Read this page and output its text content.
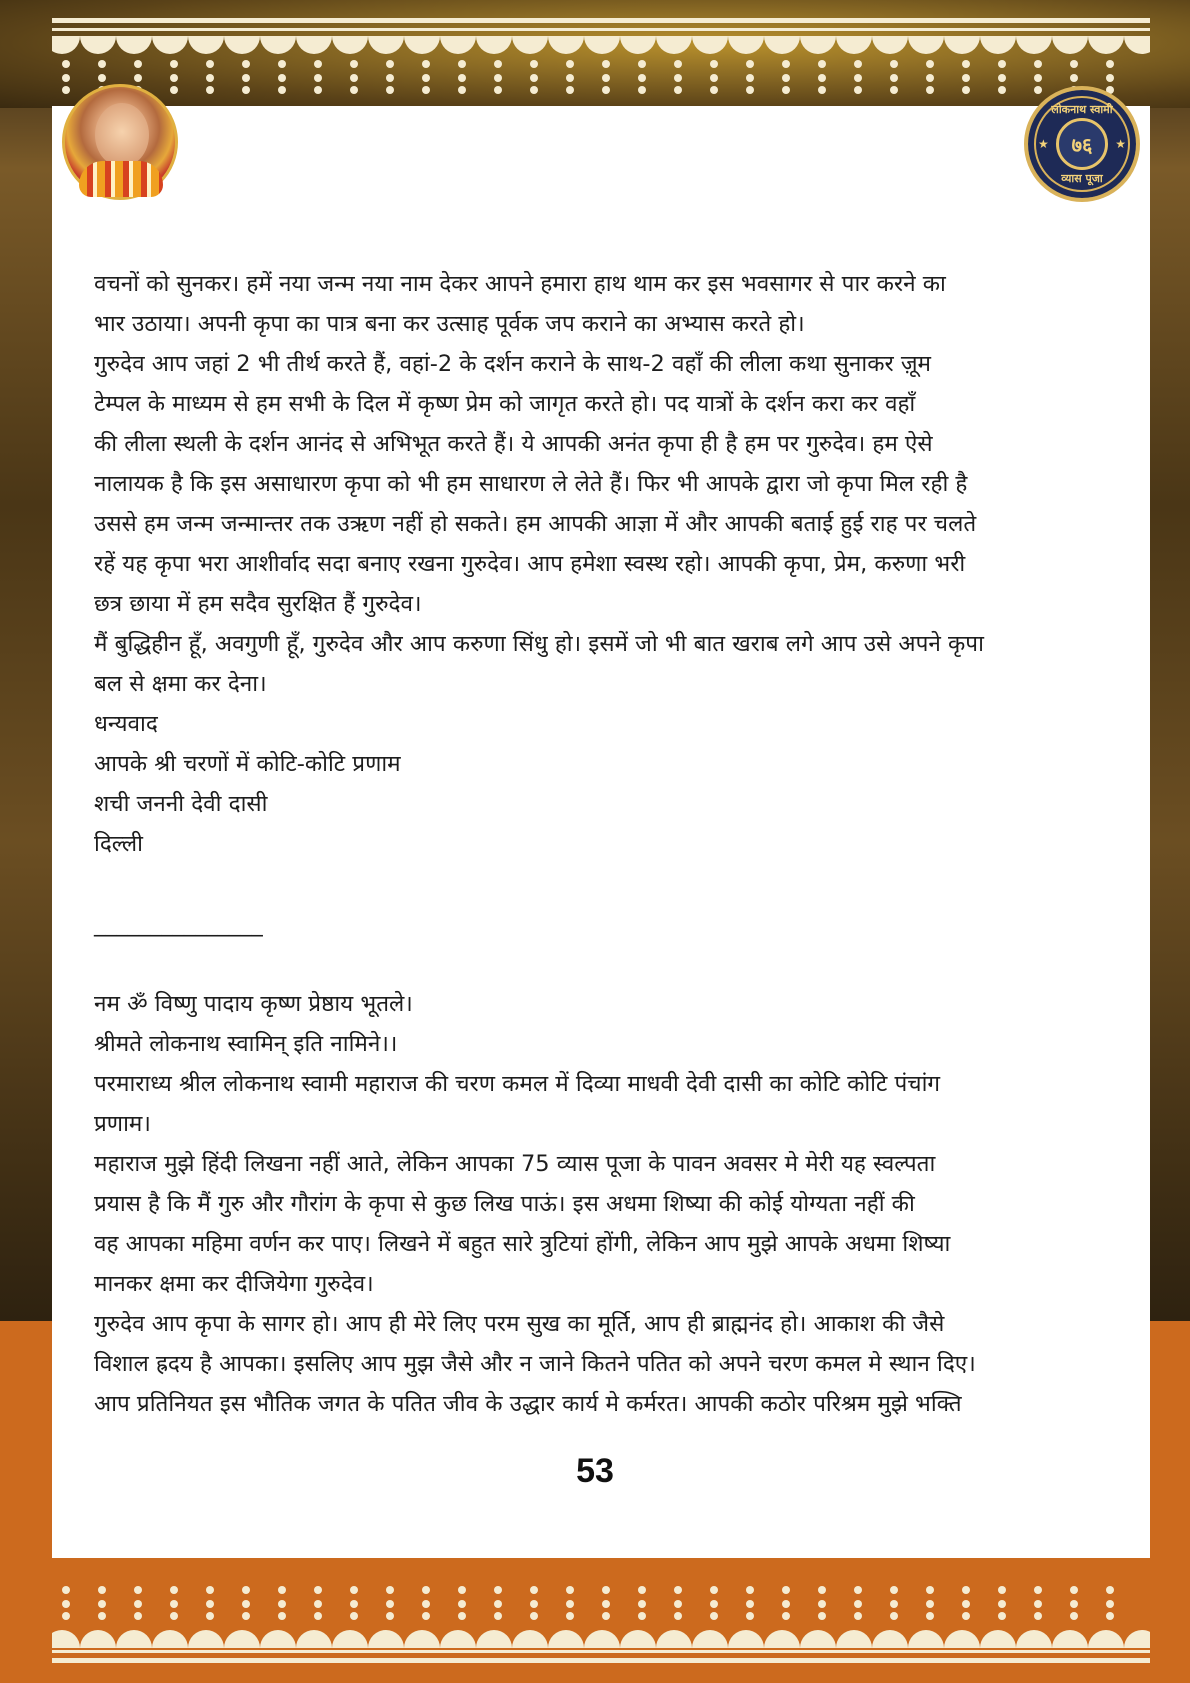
लोकनाथ स्वामी
★	★
७६
व्यास पूजा

वचनों को सुनकर। हमें नया जन्म नया नाम देकर आपने हमारा हाथ थाम कर इस भवसागर से पार करने का

भार उठाया। अपनी कृपा का पात्र बना कर उत्साह पूर्वक जप कराने का अभ्यास करते हो।

गुरुदेव आप जहां 2 भी तीर्थ करते हैं, वहां-2 के दर्शन कराने के साथ-2 वहाँ की लीला कथा सुनाकर ज़ूम

टेम्पल के माध्यम से हम सभी के दिल में कृष्ण प्रेम को जागृत करते हो। पद यात्रों के दर्शन करा कर वहाँ

की लीला स्थली के दर्शन आनंद से अभिभूत करते हैं। ये आपकी अनंत कृपा ही है हम पर गुरुदेव। हम ऐसे

नालायक है कि इस असाधारण कृपा को भी हम साधारण ले लेते हैं। फिर भी आपके द्वारा जो कृपा मिल रही है

उससे हम जन्म जन्मान्तर तक उऋण नहीं हो सकते। हम आपकी आज्ञा में और आपकी बताई हुई राह पर चलते

रहें यह कृपा भरा आशीर्वाद सदा बनाए रखना गुरुदेव। आप हमेशा स्वस्थ रहो। आपकी कृपा, प्रेम, करुणा भरी

छत्र छाया में हम सदैव सुरक्षित हैं गुरुदेव।

मैं बुद्धिहीन हूँ, अवगुणी हूँ, गुरुदेव और आप करुणा सिंधु हो। इसमें जो भी बात खराब लगे आप उसे अपने कृपा

बल से क्षमा कर देना।

धन्यवाद

आपके श्री चरणों में कोटि-कोटि प्रणाम

शची जननी देवी दासी

दिल्ली

_______________

नम ॐ विष्णु पादाय कृष्ण प्रेष्ठाय भूतले।

श्रीमते लोकनाथ स्वामिन् इति नामिने।।

परमाराध्य श्रील लोकनाथ स्वामी महाराज की चरण कमल में दिव्या माधवी देवी दासी का कोटि कोटि पंचांग

प्रणाम।

महाराज मुझे हिंदी लिखना नहीं आते, लेकिन आपका 75 व्यास पूजा के पावन अवसर मे मेरी यह स्वल्पता

प्रयास है कि मैं गुरु और गौरांग के कृपा से कुछ लिख पाऊं। इस अधमा शिष्या की कोई योग्यता नहीं की

वह आपका महिमा वर्णन कर पाए। लिखने में बहुत सारे त्रुटियां होंगी, लेकिन आप मुझे आपके अधमा शिष्या

मानकर क्षमा कर दीजियेगा गुरुदेव।

गुरुदेव आप कृपा के सागर हो। आप ही मेरे लिए परम सुख का मूर्ति, आप ही ब्राह्मनंद हो। आकाश की जैसे

विशाल ह्रदय है आपका। इसलिए आप मुझ जैसे और न जाने कितने पतित को अपने चरण कमल मे स्थान दिए।

आप प्रतिनियत इस भौतिक जगत के पतित जीव के उद्धार कार्य मे कर्मरत। आपकी कठोर परिश्रम मुझे भक्ति

53
